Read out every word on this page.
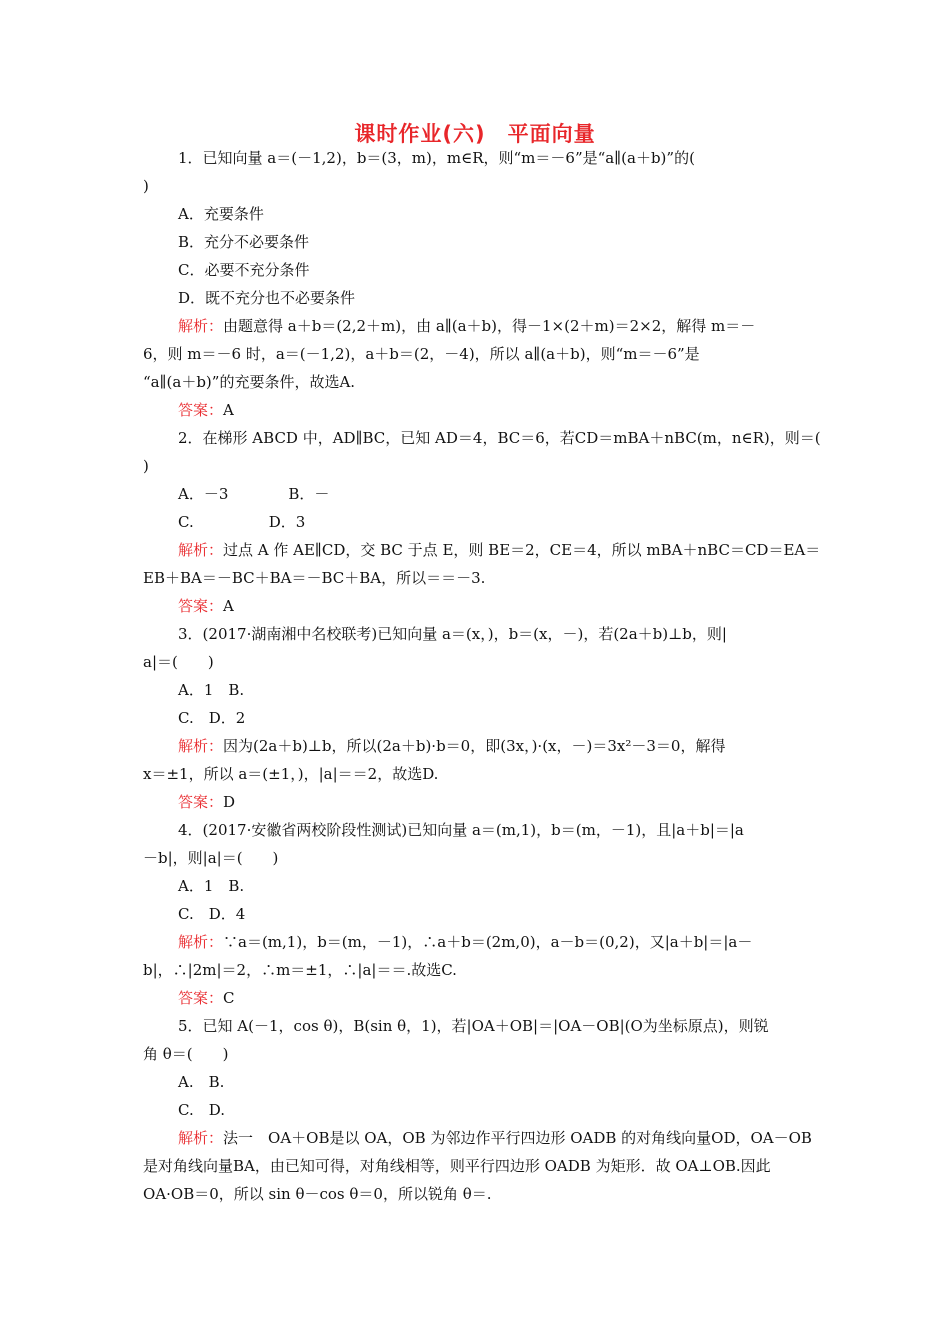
课时作业(六)　平面向量
1．已知向量 a＝(－1,2)，b＝(3，m)，m∈R，则“m＝－6”是“a∥(a＋b)”的(
)
A．充要条件
B．充分不必要条件
C．必要不充分条件
D．既不充分也不必要条件
解析：由题意得 a＋b＝(2,2＋m)，由 a∥(a＋b)，得－1×(2＋m)＝2×2，解得 m＝－
6，则 m＝－6 时，a＝(－1,2)，a＋b＝(2，－4)，所以 a∥(a＋b)，则“m＝－6”是
“a∥(a＋b)”的充要条件，故选A.
答案：A
2．在梯形 ABCD 中，AD∥BC，已知 AD＝4，BC＝6，若CD＝mBA＋nBC(m，n∈R)，则＝(
)
A．－3　　　　B．－
C.　　　　　D．3
解析：过点 A 作 AE∥CD，交 BC 于点 E，则 BE＝2，CE＝4，所以 mBA＋nBC＝CD＝EA＝
EB＋BA＝－BC＋BA＝－BC＋BA，所以＝＝－3.
答案：A
3．(2017·湖南湘中名校联考)已知向量 a＝(x，)，b＝(x，－)，若(2a＋b)⊥b，则|
a|＝(　　)
A．1　B.
C.　D．2
解析：因为(2a＋b)⊥b，所以(2a＋b)·b＝0，即(3x，)·(x，－)＝3x²－3＝0，解得
x＝±1，所以 a＝(±1，)，|a|＝＝2，故选D.
答案：D
4．(2017·安徽省两校阶段性测试)已知向量 a＝(m,1)，b＝(m，－1)，且|a＋b|＝|a
－b|，则|a|＝(　　)
A．1　B.
C.　D．4
解析：∵a＝(m,1)，b＝(m，－1)，∴a＋b＝(2m,0)，a－b＝(0,2)，又|a＋b|＝|a－
b|，∴|2m|＝2，∴m＝±1，∴|a|＝＝.故选C.
答案：C
5．已知 A(－1，cos θ)，B(sin θ，1)，若|OA＋OB|＝|OA－OB|(O为坐标原点)，则锐
角 θ＝(　　)
A.　B.
C.　D.
解析：法一　OA＋OB是以 OA，OB 为邻边作平行四边形 OADB 的对角线向量OD，OA－OB
是对角线向量BA，由已知可得，对角线相等，则平行四边形 OADB 为矩形．故 OA⊥OB.因此
OA·OB＝0，所以 sin θ－cos θ＝0，所以锐角 θ＝.
